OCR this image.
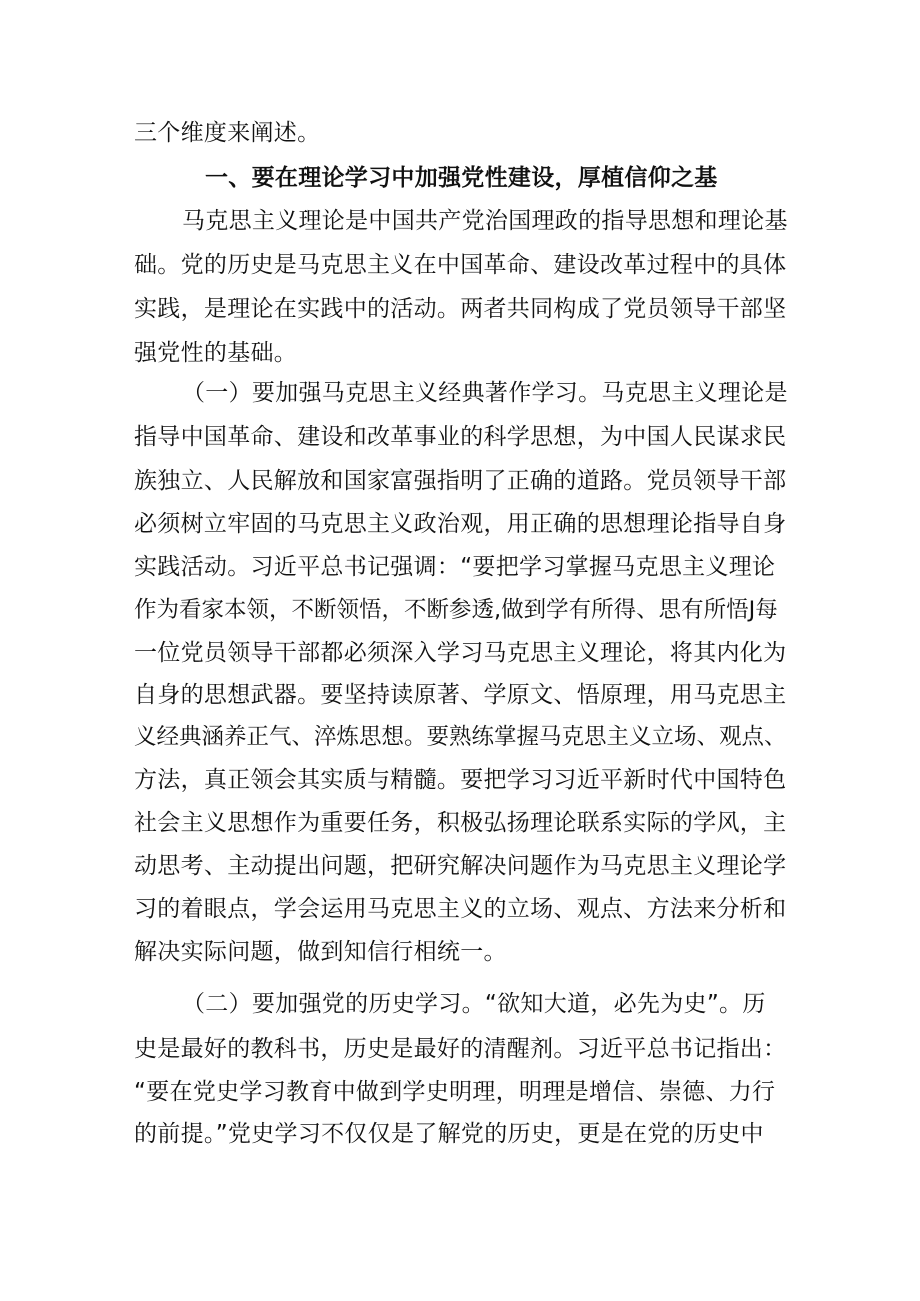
三个维度来阐述。
一、要在理论学习中加强党性建设，厚植信仰之基
马克思主义理论是中国共产党治国理政的指导思想和理论基
础。党的历史是马克思主义在中国革命、建设改革过程中的具体
实践，是理论在实践中的活动。两者共同构成了党员领导干部坚
强党性的基础。
（一）要加强马克思主义经典著作学习。马克思主义理论是
指导中国革命、建设和改革事业的科学思想，为中国人民谋求民
族独立、人民解放和国家富强指明了正确的道路。党员领导干部
必须树立牢固的马克思主义政治观，用正确的思想理论指导自身
实践活动。习近平总书记强调：“要把学习掌握马克思主义理论
作为看家本领，不断领悟，不断参透,做到学有所得、思有所悟J每
一位党员领导干部都必须深入学习马克思主义理论，将其内化为
自身的思想武器。要坚持读原著、学原文、悟原理，用马克思主
义经典涵养正气、淬炼思想。要熟练掌握马克思主义立场、观点、
方法，真正领会其实质与精髓。要把学习习近平新时代中国特色
社会主义思想作为重要任务，积极弘扬理论联系实际的学风，主
动思考、主动提出问题，把研究解决问题作为马克思主义理论学
习的着眼点，学会运用马克思主义的立场、观点、方法来分析和
解决实际问题，做到知信行相统一。
（二）要加强党的历史学习。“欲知大道，必先为史”。历
史是最好的教科书，历史是最好的清醒剂。习近平总书记指出：
“要在党史学习教育中做到学史明理，明理是增信、崇德、力行
的前提。”党史学习不仅仅是了解党的历史，更是在党的历史中
